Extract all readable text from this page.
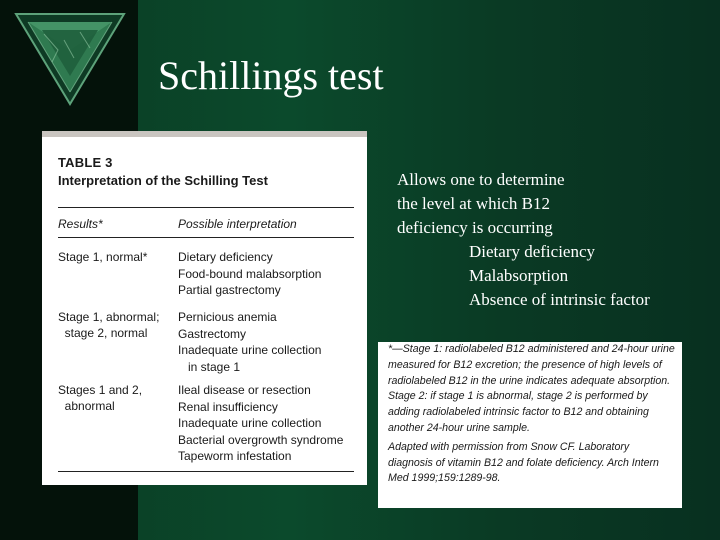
Schillings test
TABLE 3
Interpretation of the Schilling Test
Results*	Possible interpretation
Stage 1, normal*	Dietary deficiency
Food-bound malabsorption
Partial gastrectomy
Stage 1, abnormal;
stage 2, normal
Pernicious anemia
Gastrectomy
Inadequate urine collection
in stage 1
Stages 1 and 2,
abnormal
Ileal disease or resection
Renal insufficiency
Inadequate urine collection
Bacterial overgrowth syndrome
Tapeworm infestation
Allows one to determine
the level at which B12
deficiency is occurring
Dietary deficiency
Malabsorption
Absence of intrinsic factor

*—Stage 1: radiolabeled B12 administered and 24-hour urine measured for B12 excretion; the presence of high levels of radiolabeled B12 in the urine indicates adequate absorption. Stage 2: if stage 1 is abnormal, stage 2 is performed by adding radiolabeled intrinsic factor to B12 and obtaining another 24-hour urine sample.

Adapted with permission from Snow CF. Laboratory diagnosis of vitamin B12 and folate deficiency. Arch Intern Med 1999;159:1289-98.
